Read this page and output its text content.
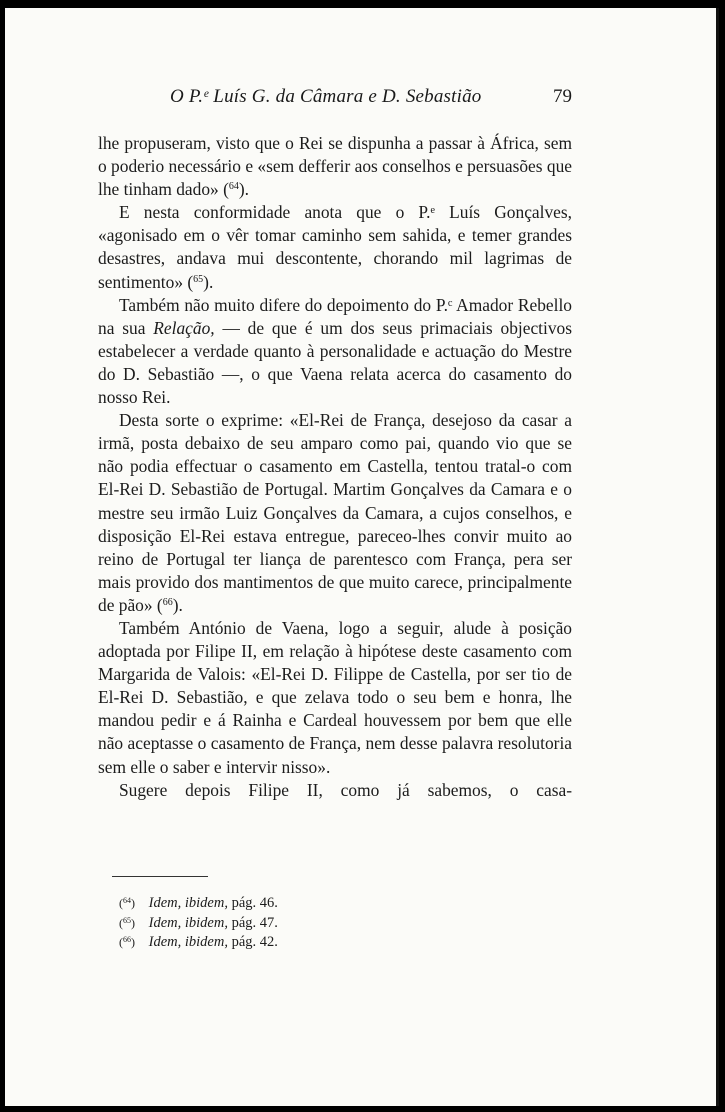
O P.ᵉ Luís G. da Câmara e D. Sebastião	79

lhe propuseram, visto que o Rei se dispunha a passar à África, sem o poderio necessário e «sem defferir aos conselhos e persuasões que lhe tinham dado» ($^{64}$).

E nesta conformidade anota que o P.ᵉ Luís Gonçalves, «agonisado em o vêr tomar caminho sem sahida, e temer grandes desastres, andava mui descontente, chorando mil lagrimas de sentimento» ($^{65}$).

Também não muito difere do depoimento do P.ᶜ Amador Rebello na sua Relação, — de que é um dos seus primaciais objectivos estabelecer a verdade quanto à personalidade e actuação do Mestre do D. Sebastião —, o que Vaena relata acerca do casamento do nosso Rei.

Desta sorte o exprime: «El-Rei de França, desejoso da casar a irmã, posta debaixo de seu amparo como pai, quando vio que se não podia effectuar o casamento em Castella, tentou tratal-o com El-Rei D. Sebastião de Portugal. Martim Gonçalves da Camara e o mestre seu irmão Luiz Gonçalves da Camara, a cujos conselhos, e disposição El-Rei estava entregue, pareceo-lhes convir muito ao reino de Portugal ter liança de parentesco com França, pera ser mais provido dos mantimentos de que muito carece, principalmente de pão» ($^{66}$).

Também António de Vaena, logo a seguir, alude à posição adoptada por Filipe II, em relação à hipótese deste casamento com Margarida de Valois: «El-Rei D. Filippe de Castella, por ser tio de El-Rei D. Sebastião, e que zelava todo o seu bem e honra, lhe mandou pedir e á Rainha e Cardeal houvessem por bem que elle não aceptasse o casamento de França, nem desse palavra resolutoria sem elle o saber e intervir nisso».

Sugere depois Filipe II, como já sabemos, o casa-

($^{64}$) Idem, ibidem, pág. 46.
($^{65}$) Idem, ibidem, pág. 47.
($^{66}$) Idem, ibidem, pág. 42.
